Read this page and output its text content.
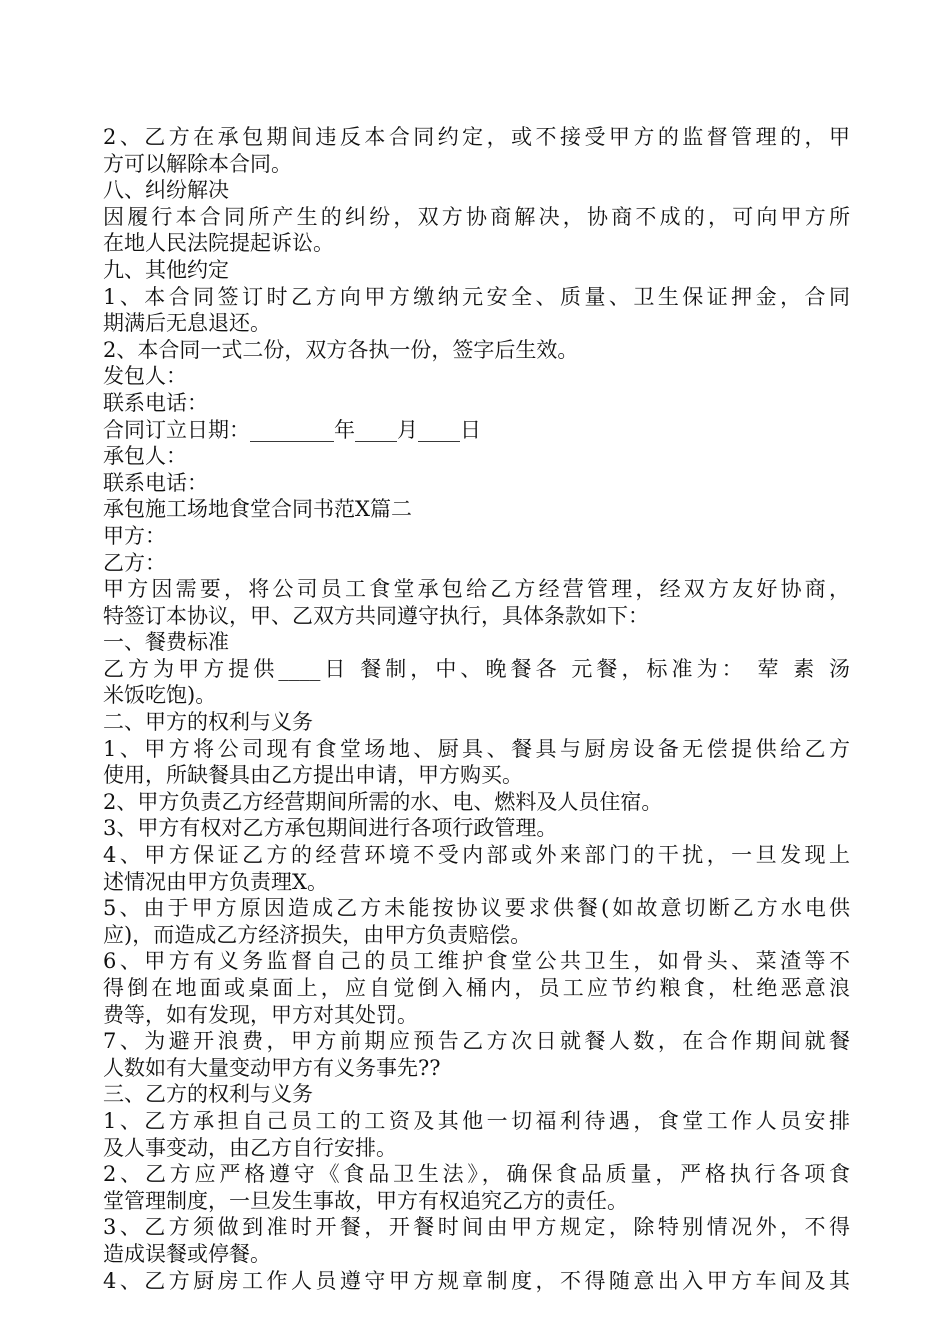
2、乙方在承包期间违反本合同约定，或不接受甲方的监督管理的，甲
方可以解除本合同。
八、纠纷解决
因履行本合同所产生的纠纷，双方协商解决，协商不成的，可向甲方所
在地人民法院提起诉讼。
九、其他约定
1、本合同签订时乙方向甲方缴纳元安全、质量、卫生保证押金，合同
期满后无息退还。
2、本合同一式二份，双方各执一份，签字后生效。
发包人：
联系电话：
合同订立日期：________年____月____日
承包人：
联系电话：
承包施工场地食堂合同书范X篇二
甲方：
乙方：
甲方因需要，将公司员工食堂承包给乙方经营管理，经双方友好协商，
特签订本协议，甲、乙双方共同遵守执行，具体条款如下：
一、餐费标准
乙方为甲方提供____日 餐制，中、晚餐各 元餐，标准为： 荤 素 汤
米饭吃饱)。
二、甲方的权利与义务
1、甲方将公司现有食堂场地、厨具、餐具与厨房设备无偿提供给乙方
使用，所缺餐具由乙方提出申请，甲方购买。
2、甲方负责乙方经营期间所需的水、电、燃料及人员住宿。
3、甲方有权对乙方承包期间进行各项行政管理。
4、甲方保证乙方的经营环境不受内部或外来部门的干扰，一旦发现上
述情况由甲方负责理X。
5、由于甲方原因造成乙方未能按协议要求供餐(如故意切断乙方水电供
应)，而造成乙方经济损失，由甲方负责赔偿。
6、甲方有义务监督自己的员工维护食堂公共卫生，如骨头、菜渣等不
得倒在地面或桌面上，应自觉倒入桶内，员工应节约粮食，杜绝恶意浪
费等，如有发现，甲方对其处罚。
7、为避开浪费，甲方前期应预告乙方次日就餐人数，在合作期间就餐
人数如有大量变动甲方有义务事先??
三、乙方的权利与义务
1、乙方承担自己员工的工资及其他一切福利待遇，食堂工作人员安排
及人事变动，由乙方自行安排。
2、乙方应严格遵守《食品卫生法》，确保食品质量，严格执行各项食
堂管理制度，一旦发生事故，甲方有权追究乙方的责任。
3、乙方须做到准时开餐，开餐时间由甲方规定，除特别情况外，不得
造成误餐或停餐。
4、乙方厨房工作人员遵守甲方规章制度，不得随意出入甲方车间及其
